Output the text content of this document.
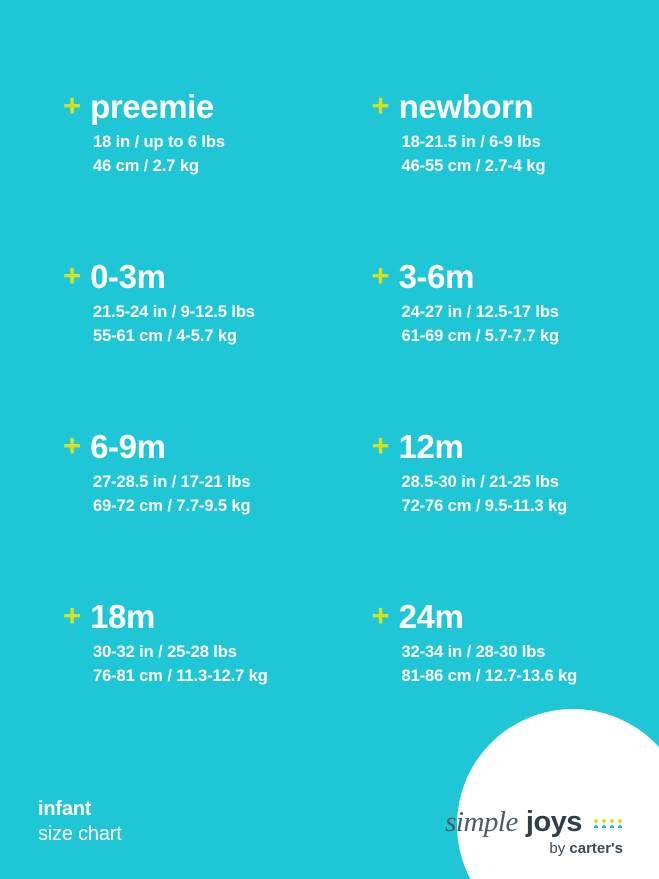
+ preemie
18 in / up to 6 lbs
46 cm / 2.7 kg
+ newborn
18-21.5 in / 6-9 lbs
46-55 cm / 2.7-4 kg
+ 0-3m
21.5-24 in / 9-12.5 lbs
55-61 cm / 4-5.7 kg
+ 3-6m
24-27 in / 12.5-17 lbs
61-69 cm / 5.7-7.7 kg
+ 6-9m
27-28.5 in / 17-21 lbs
69-72 cm / 7.7-9.5 kg
+ 12m
28.5-30 in / 21-25 lbs
72-76 cm / 9.5-11.3 kg
+ 18m
30-32 in / 25-28 lbs
76-81 cm / 11.3-12.7 kg
+ 24m
32-34 in / 28-30 lbs
81-86 cm / 12.7-13.6 kg
infant
size chart	simple joys
by carter's
